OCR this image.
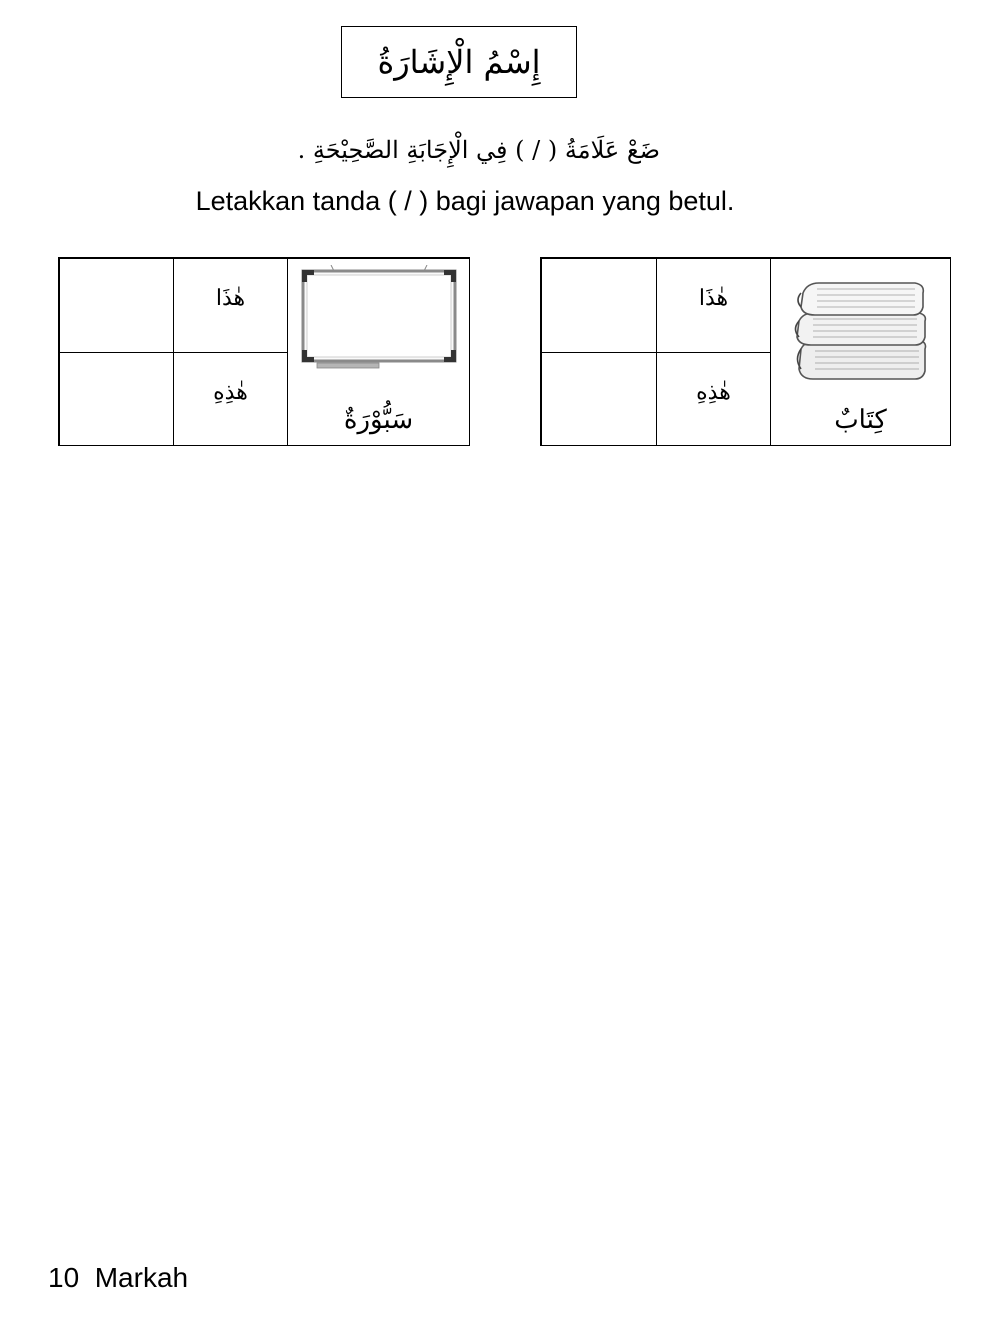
إِسْمُ الْإِشَارَةُ
ضَعْ عَلَامَةُ ( / ) فِي الْإِجَابَةِ الصَّحِيْحَةِ .
Letakkan tanda ( / ) bagi jawapan yang betul.
هٰذَا
هٰذِهِ
سَبُّوْرَةٌ
هٰذَا
هٰذِهِ
كِتَابٌ
10 Markah
